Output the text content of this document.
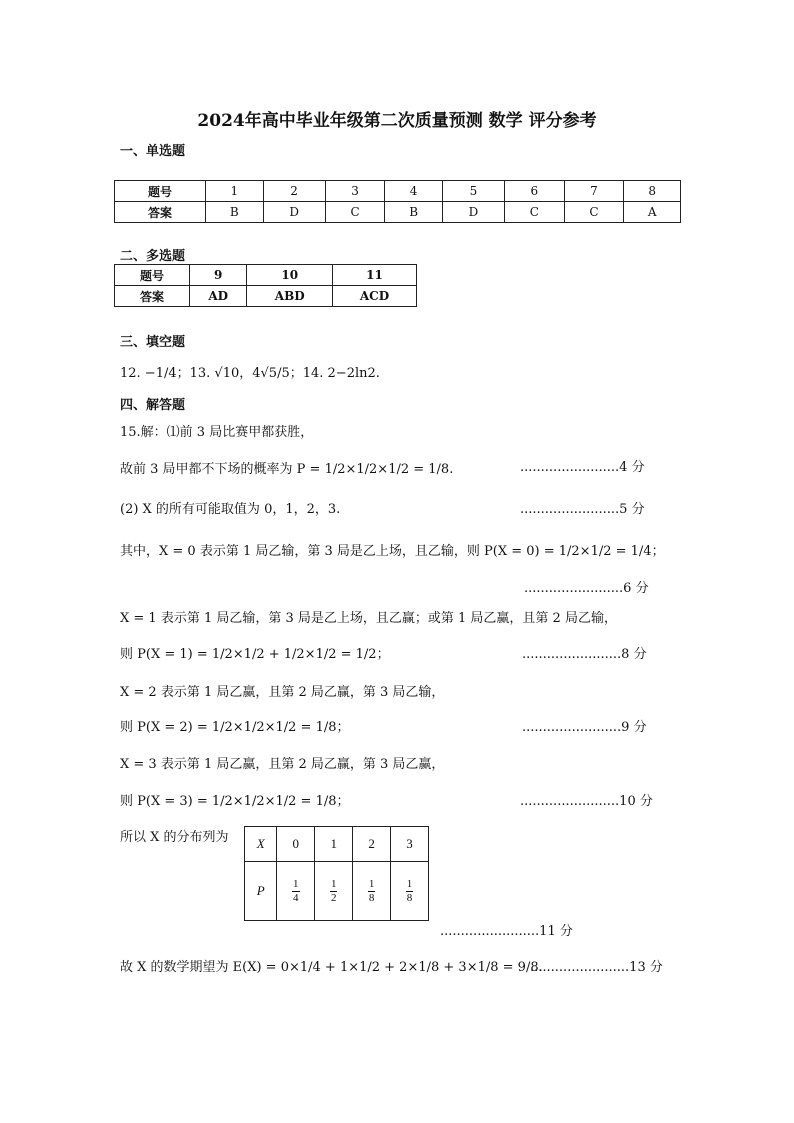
2024年高中毕业年级第二次质量预测 数学 评分参考
一、单选题
题号	1	2	3	4	5	6	7	8
答案	B	D	C	B	D	C	C	A
二、多选题
题号	9	10	11
答案	AD	ABD	ACD
三、填空题
12. −1/4；13. √10，4√5/5；14. 2−2ln2.
四、解答题
15.解：⑴前 3 局比赛甲都获胜，
故前 3 局甲都不下场的概率为 P = 1/2×1/2×1/2 = 1/8.	........................4 分
(2) X 的所有可能取值为 0，1，2，3.	........................5 分
其中，X = 0 表示第 1 局乙输，第 3 局是乙上场，且乙输，则 P(X = 0) = 1/2×1/2 = 1/4；
........................6 分
X = 1 表示第 1 局乙输，第 3 局是乙上场，且乙赢；或第 1 局乙赢，且第 2 局乙输，
则 P(X = 1) = 1/2×1/2 + 1/2×1/2 = 1/2；	........................8 分
X = 2 表示第 1 局乙赢，且第 2 局乙赢，第 3 局乙输，
则 P(X = 2) = 1/2×1/2×1/2 = 1/8；	........................9 分
X = 3 表示第 1 局乙赢，且第 2 局乙赢，第 3 局乙赢，
则 P(X = 3) = 1/2×1/2×1/2 = 1/8；	........................10 分
所以 X 的分布列为 X	0	1	2	3
P	$\frac{1}{4}$	$\frac{1}{2}$	$\frac{1}{8}$	$\frac{1}{8}$
........................11 分
故 X 的数学期望为 E(X) = 0×1/4 + 1×1/2 + 2×1/8 + 3×1/8 = 9/8.
........................13 分
